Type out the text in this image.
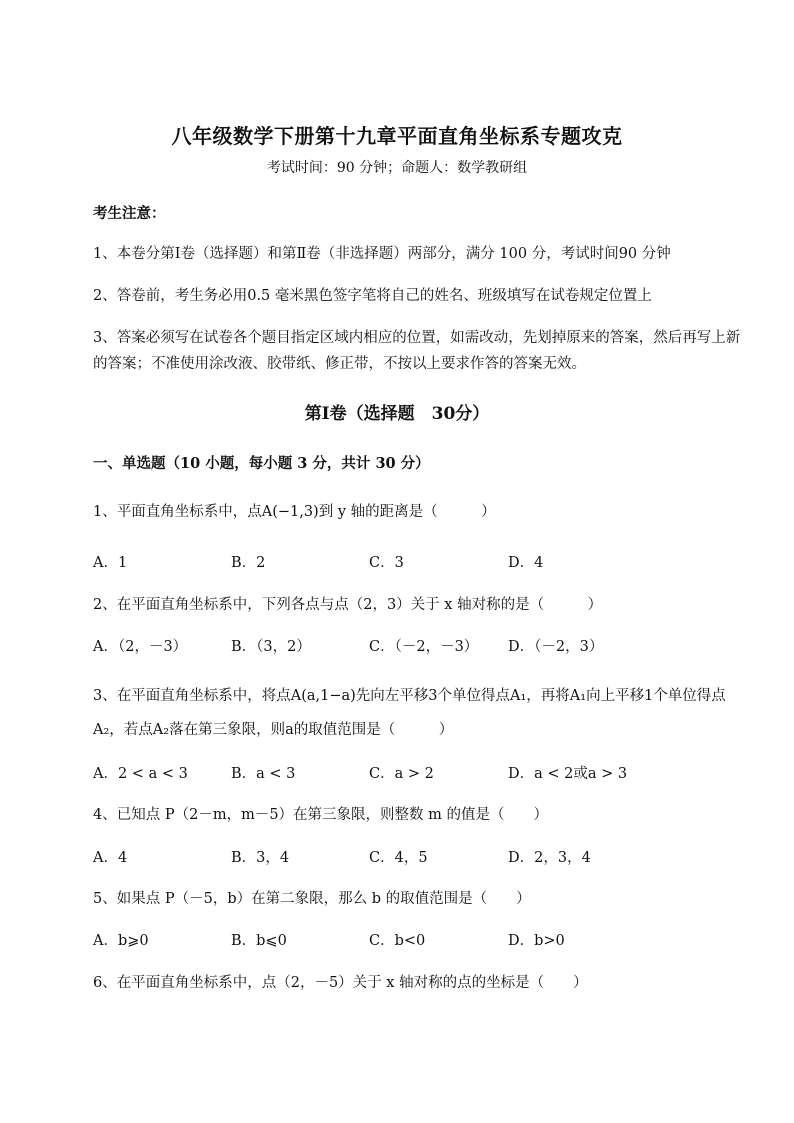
八年级数学下册第十九章平面直角坐标系专题攻克
考试时间：90 分钟；命题人：数学教研组
考生注意：
1、本卷分第Ⅰ卷（选择题）和第Ⅱ卷（非选择题）两部分，满分 100 分，考试时间90 分钟
2、答卷前，考生务必用0.5 毫米黑色签字笔将自己的姓名、班级填写在试卷规定位置上
3、答案必须写在试卷各个题目指定区域内相应的位置，如需改动，先划掉原来的答案，然后再写上新
的答案；不准使用涂改液、胶带纸、修正带，不按以上要求作答的答案无效。
第Ⅰ卷（选择题　30分）
一、单选题（10 小题，每小题 3 分，共计 30 分）
1、平面直角坐标系中，点A(−1,3)到 y 轴的距离是（　　　）
A．1	B．2	C．3	D．4
2、在平面直角坐标系中，下列各点与点（2，3）关于 x 轴对称的是（　　　）
A．（2，－3）	B．（3，2）	C．（－2，－3） D．（－2，3）
3、在平面直角坐标系中，将点A(a,1−a)先向左平移3个单位得点A₁，再将A₁向上平移1个单位得点
A₂，若点A₂落在第三象限，则a的取值范围是（　　　）
A．2 < a < 3	B．a < 3	C．a > 2	D．a < 2或a > 3
4、已知点 P（2－m，m－5）在第三象限，则整数 m 的值是（　　）
A．4	B．3，4	C．4，5	D．2，3，4
5、如果点 P（－5，b）在第二象限，那么 b 的取值范围是（　　）
A．b⩾0	B．b⩽0	C．b<0	D．b>0
6、在平面直角坐标系中，点（2，－5）关于 x 轴对称的点的坐标是（　　）
